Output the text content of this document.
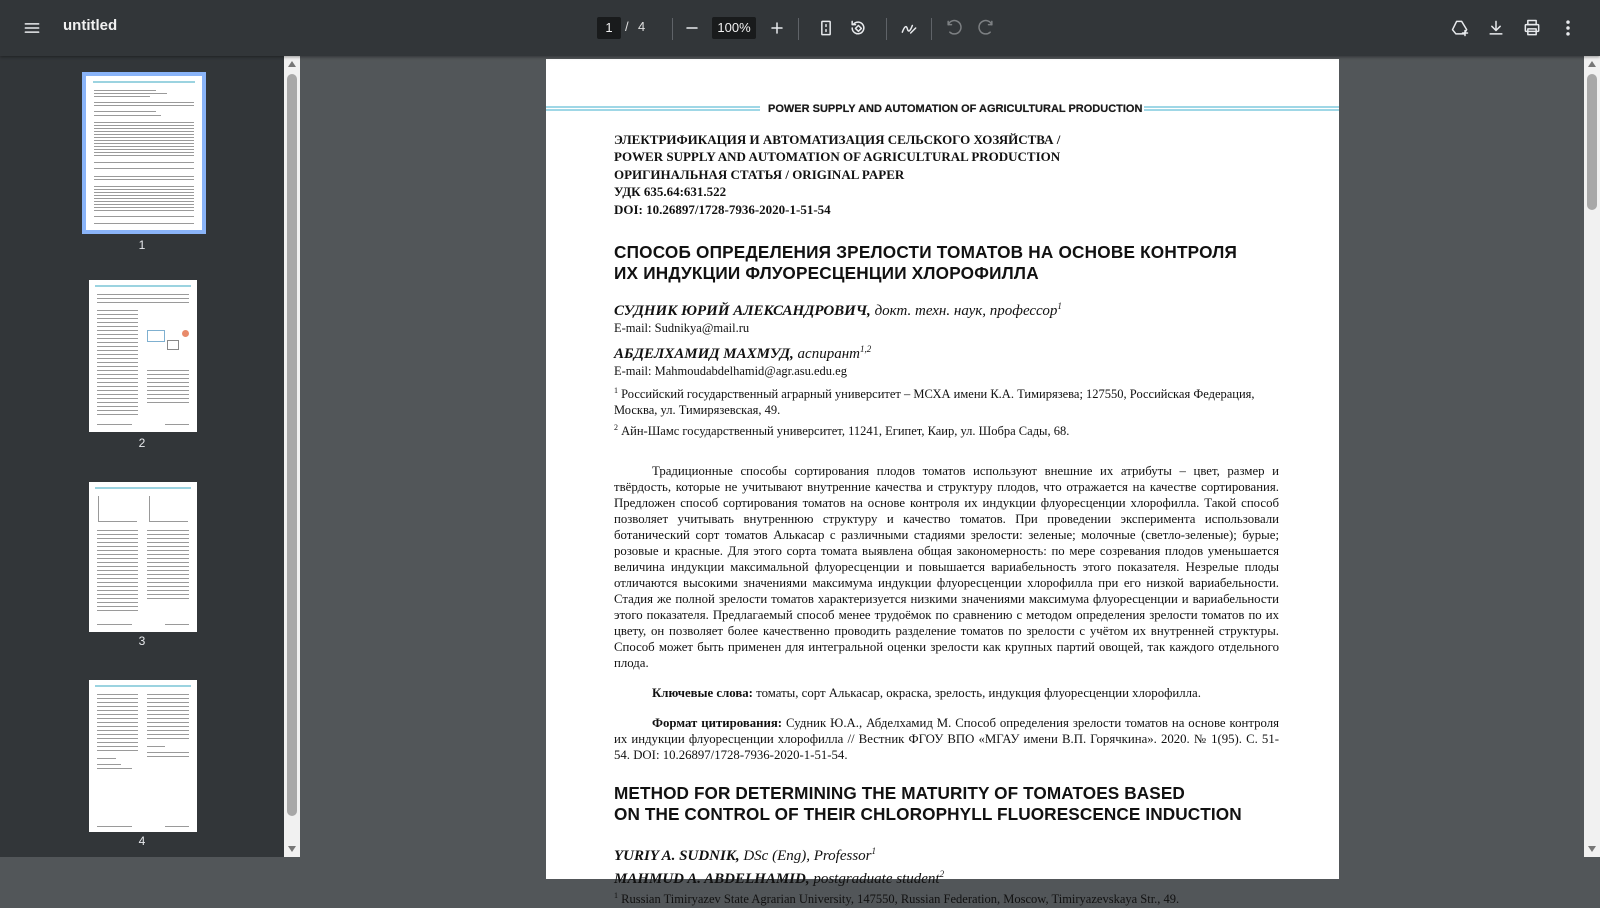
untitled	1 / 4	100%
1
2
3
4
POWER SUPPLY AND AUTOMATION OF AGRICULTURAL PRODUCTION
ЭЛЕКТРИФИКАЦИЯ И АВТОМАТИЗАЦИЯ СЕЛЬСКОГО ХОЗЯЙСТВА /
POWER SUPPLY AND AUTOMATION OF AGRICULTURAL PRODUCTION
ОРИГИНАЛЬНАЯ СТАТЬЯ / ORIGINAL PAPER
УДК 635.64:631.522
DOI: 10.26897/1728-7936-2020-1-51-54
СПОСОБ ОПРЕДЕЛЕНИЯ ЗРЕЛОСТИ ТОМАТОВ НА ОСНОВЕ КОНТРОЛЯ
ИХ ИНДУКЦИИ ФЛУОРЕСЦЕНЦИИ ХЛОРОФИЛЛА
СУДНИК ЮРИЙ АЛЕКСАНДРОВИЧ, докт. техн. наук, профессор$^1$
E-mail: Sudnikya@mail.ru
АБДЕЛХАМИД МАХМУД, аспирант$^{1,2}$
E-mail: Mahmoudabdelhamid@agr.asu.edu.eg
$^1$ Российский государственный аграрный университет – МСХА имени К.А. Тимирязева; 127550, Российская Федерация, Москва, ул. Тимирязевская, 49.
$^2$ Айн-Шамс государственный университет, 11241, Египет, Каир, ул. Шобра Сады, 68.

Традиционные способы сортирования плодов томатов используют внешние их атрибуты – цвет, размер и твёрдость, которые не учитывают внутренние качества и структуру плодов, что отражается на качестве сортирования. Предложен способ сортирования томатов на основе контроля их индукции флуоресценции хлорофилла. Такой способ позволяет учитывать внутреннюю структуру и качество томатов. При проведении эксперимента использовали ботанический сорт томатов Алькасар с различными стадиями зрелости: зеленые; молочные (светло-зеленые); бурые; розовые и красные. Для этого сорта томата выявлена общая закономерность: по мере созревания плодов уменьшается величина индукции максимальной флуоресценции и повышается вариабельность этого показателя. Незрелые плоды отличаются высокими значениями максимума индукции флуоресценции хлорофилла при его низкой вариабельности. Стадия же полной зрелости томатов характеризуется низкими значениями максимума флуоресценции и вариабельности этого показателя. Предлагаемый способ менее трудоёмок по сравнению с методом определения зрелости томатов по их цвету, он позволяет более качественно проводить разделение томатов по зрелости с учётом их внутренней структуры. Способ может быть применен для интегральной оценки зрелости как крупных партий овощей, так каждого отдельного плода.

Ключевые слова: томаты, сорт Алькасар, окраска, зрелость, индукция флуоресценции хлорофилла.

Формат цитирования: Судник Ю.А., Абделхамид М. Способ определения зрелости томатов на основе контроля их индукции флуоресценции хлорофилла // Вестник ФГОУ ВПО «МГАУ имени В.П. Горячкина». 2020. № 1(95). С. 51-54. DOI: 10.26897/1728-7936-2020-1-51-54.

METHOD FOR DETERMINING THE MATURITY OF TOMATOES BASED
ON THE CONTROL OF THEIR CHLOROPHYLL FLUORESCENCE INDUCTION
YURIY A. SUDNIK, DSc (Eng), Professor$^1$
MAHMUD A. ABDELHAMID, postgraduate student$^2$
$^1$ Russian Timiryazev State Agrarian University, 147550, Russian Federation, Moscow, Timiryazevskaya Str., 49.
